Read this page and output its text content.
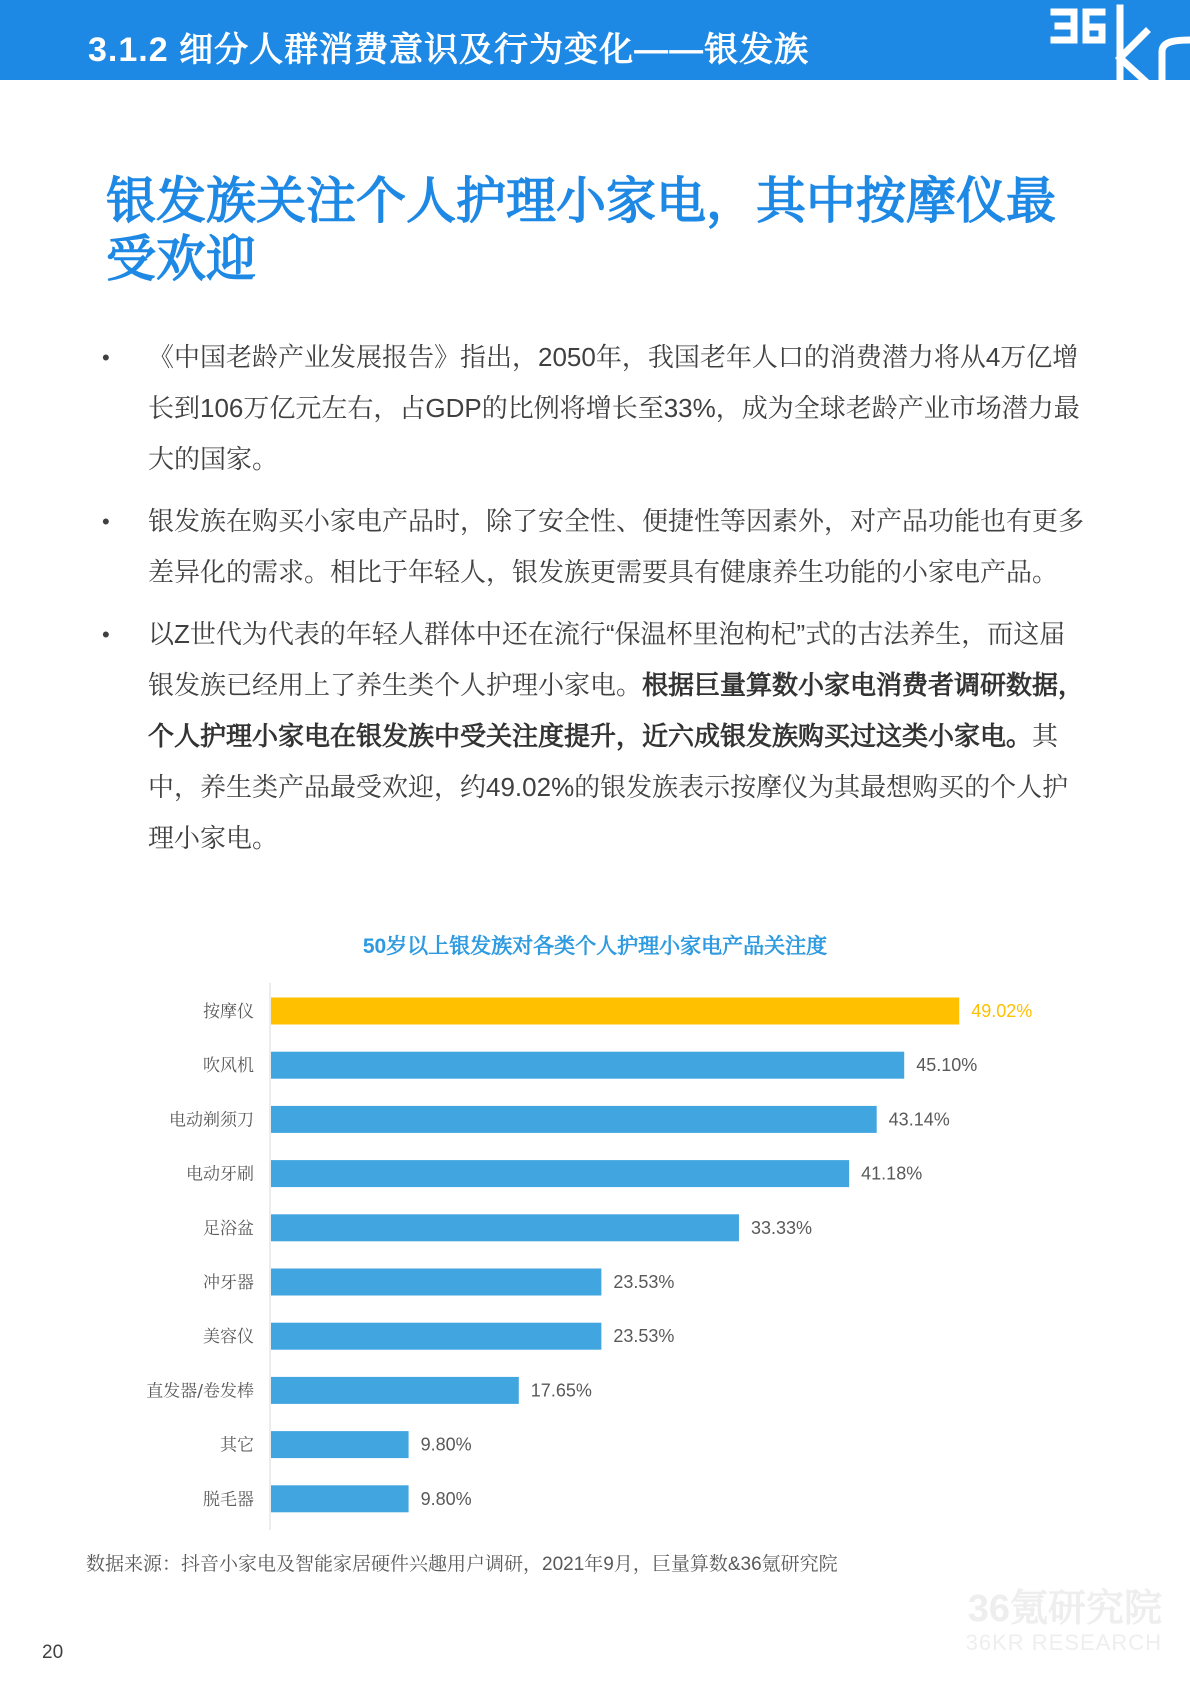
3.1.2 细分人群消费意识及行为变化——银发族
银发族关注个人护理小家电，其中按摩仪最受欢迎
• 《中国老龄产业发展报告》指出，2050年，我国老年人口的消费潜力将从4万亿增长到106万亿元左右，占GDP的比例将增长至33%，成为全球老龄产业市场潜力最大的国家。
• 银发族在购买小家电产品时，除了安全性、便捷性等因素外，对产品功能也有更多差异化的需求。相比于年轻人，银发族更需要具有健康养生功能的小家电产品。
• 以Z世代为代表的年轻人群体中还在流行“保温杯里泡枸杞”式的古法养生，而这届银发族已经用上了养生类个人护理小家电。根据巨量算数小家电消费者调研数据，个人护理小家电在银发族中受关注度提升，近六成银发族购买过这类小家电。其中，养生类产品最受欢迎，约49.02%的银发族表示按摩仪为其最想购买的个人护理小家电。
50岁以上银发族对各类个人护理小家电产品关注度
按摩仪	49.02%
吹风机	45.10%
电动剃须刀	43.14%
电动牙刷	41.18%
足浴盆	33.33%
冲牙器	23.53%
美容仪	23.53%
直发器/卷发棒	17.65%
其它	9.80%
脱毛器	9.80%
数据来源：抖音小家电及智能家居硬件兴趣用户调研，2021年9月，巨量算数&36氪研究院
36氪研究院
36KR RESEARCH
20
